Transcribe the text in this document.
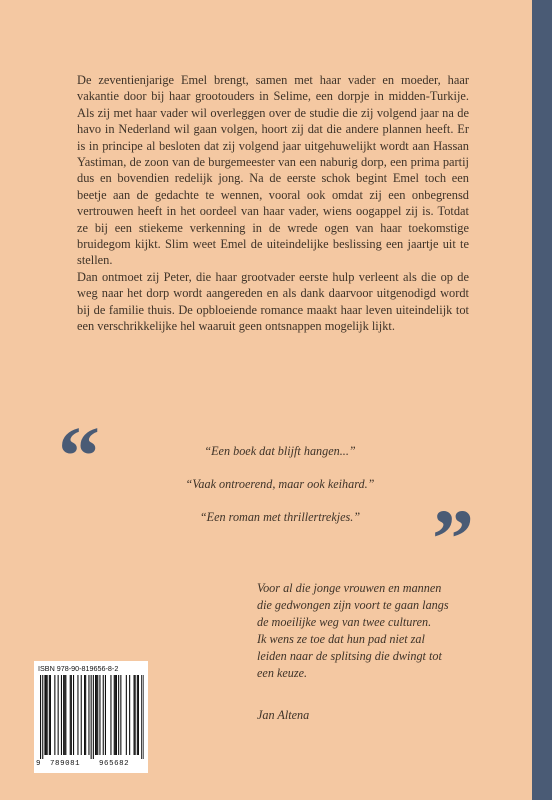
De zeventienjarige Emel brengt, samen met haar vader en moeder, haar vakantie door bij haar grootouders in Selime, een dorpje in midden-Turkije. Als zij met haar vader wil overleggen over de studie die zij volgend jaar na de havo in Nederland wil gaan volgen, hoort zij dat die andere plannen heeft. Er is in principe al besloten dat zij volgend jaar uitgehuwelijkt wordt aan Hassan Yastiman, de zoon van de burgemeester van een naburig dorp, een prima partij dus en bovendien redelijk jong. Na de eerste schok begint Emel toch een beetje aan de gedachte te wennen, vooral ook omdat zij een onbegrensd vertrouwen heeft in het oordeel van haar vader, wiens oogappel zij is. Totdat ze bij een stiekeme verkenning in de wrede ogen van haar toekomstige bruidegom kijkt. Slim weet Emel de uiteindelijke beslissing een jaartje uit te stellen.

Dan ontmoet zij Peter, die haar grootvader eerste hulp verleent als die op de weg naar het dorp wordt aangereden en als dank daarvoor uitgenodigd wordt bij de familie thuis. De opbloeiende romance maakt haar leven uiteindelijk tot een verschrikkelijke hel waaruit geen ontsnappen mogelijk lijkt.

“	“Een boek dat blijft hangen...”

“Vaak ontroerend, maar ook keihard.”

“Een roman met thrillertrekjes.” ”

Voor al die jonge vrouwen en mannen

die gedwongen zijn voort te gaan langs

de moeilijke weg van twee culturen.

Ik wens ze toe dat hun pad niet zal

leiden naar de splitsing die dwingt tot

een keuze.

Jan Altena

ISBN 978-90-819656-8-2
9 789081	965682
